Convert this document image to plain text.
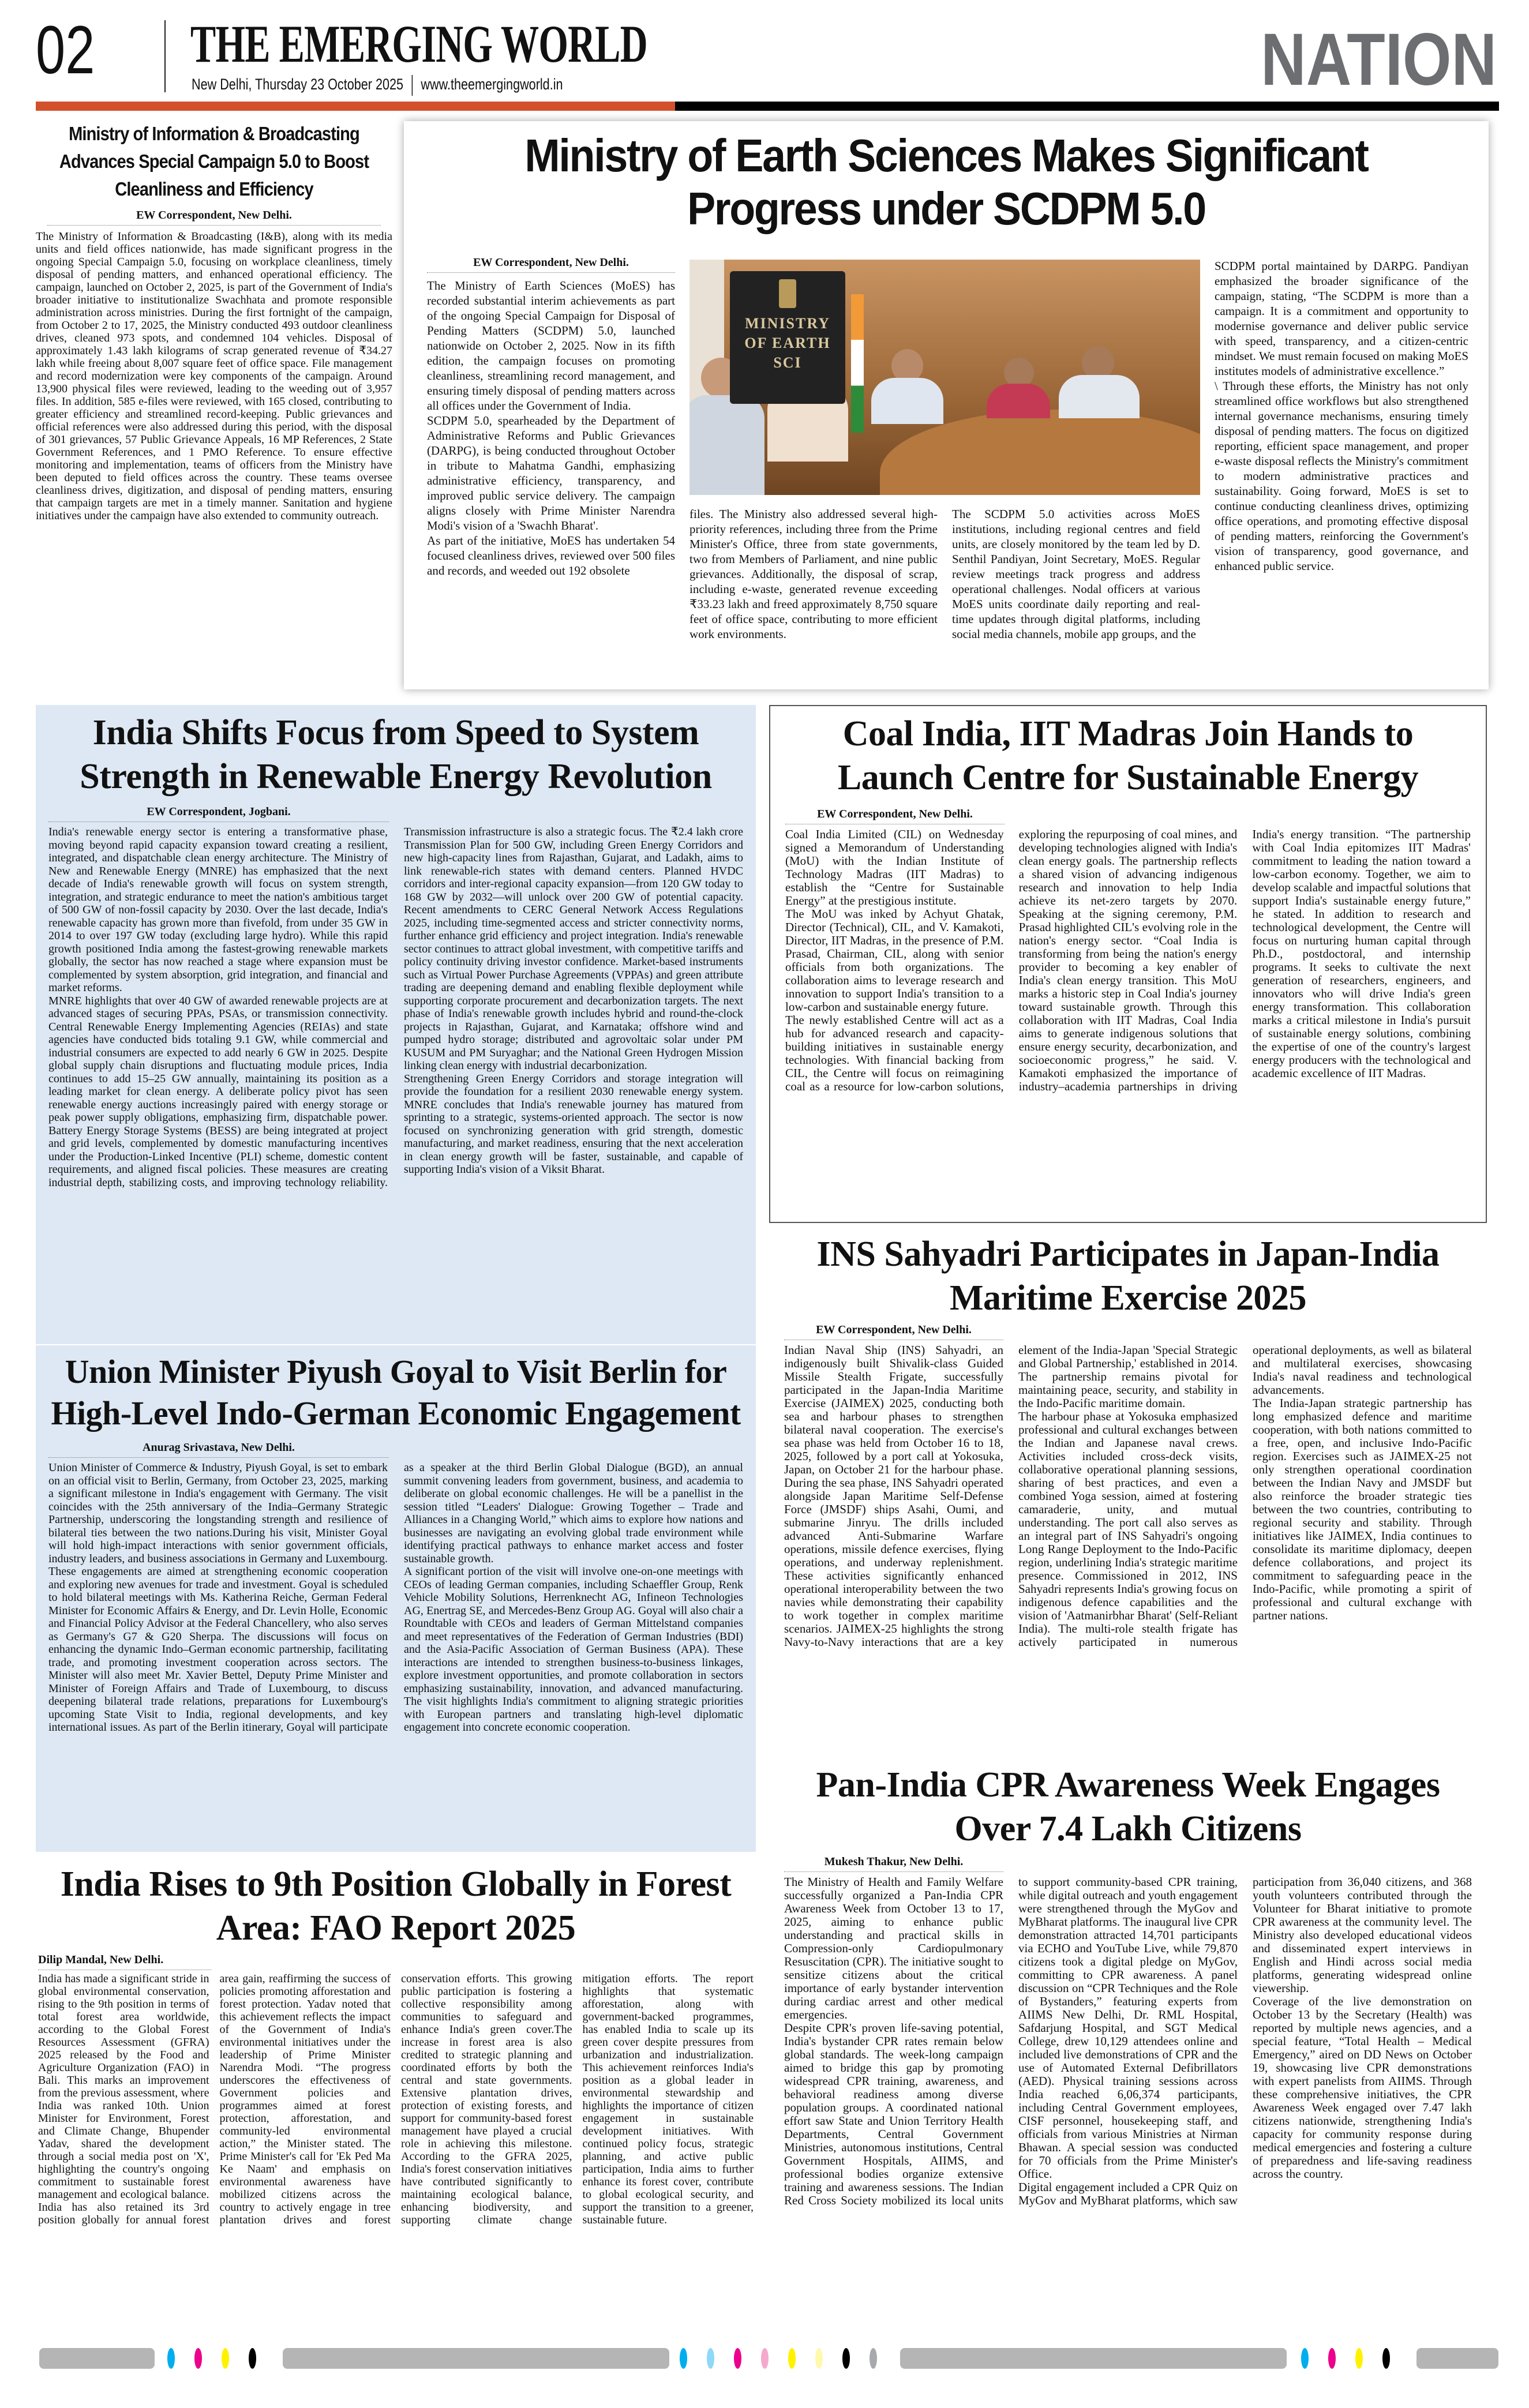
02 THE EMERGING WORLD
New Delhi, Thursday 23 October 2025 www.theemergingworld.in	NATION
Ministry of Information & Broadcasting Advances Special Campaign 5.0 to Boost Cleanliness and Efficiency
EW Correspondent, New Delhi.

The Ministry of Information & Broadcasting (I&B), along with its media units and field offices nationwide, has made significant progress in the ongoing Special Campaign 5.0, focusing on workplace cleanliness, timely disposal of pending matters, and enhanced operational efficiency. The campaign, launched on October 2, 2025, is part of the Government of India's broader initiative to institutionalize Swachhata and promote responsible administration across ministries. During the first fortnight of the campaign, from October 2 to 17, 2025, the Ministry conducted 493 outdoor cleanliness drives, cleaned 973 spots, and condemned 104 vehicles. Disposal of approximately 1.43 lakh kilograms of scrap generated revenue of ₹34.27 lakh while freeing about 8,007 square feet of office space. File management and record modernization were key components of the campaign. Around 13,900 physical files were reviewed, leading to the weeding out of 3,957 files. In addition, 585 e-files were reviewed, with 165 closed, contributing to greater efficiency and streamlined record-keeping. Public grievances and official references were also addressed during this period, with the disposal of 301 grievances, 57 Public Grievance Appeals, 16 MP References, 2 State Government References, and 1 PMO Reference. To ensure effective monitoring and implementation, teams of officers from the Ministry have been deputed to field offices across the country. These teams oversee cleanliness drives, digitization, and disposal of pending matters, ensuring that campaign targets are met in a timely manner. Sanitation and hygiene initiatives under the campaign have also extended to community outreach.

Ministry of Earth Sciences Makes Significant Progress under SCDPM 5.0
EW Correspondent, New Delhi.

The Ministry of Earth Sciences (MoES) has recorded substantial interim achievements as part of the ongoing Special Campaign for Disposal of Pending Matters (SCDPM) 5.0, launched nationwide on October 2, 2025. Now in its fifth edition, the campaign focuses on promoting cleanliness, streamlining record management, and ensuring timely disposal of pending matters across all offices under the Government of India.

SCDPM 5.0, spearheaded by the Department of Administrative Reforms and Public Grievances (DARPG), is being conducted throughout October in tribute to Mahatma Gandhi, emphasizing administrative efficiency, transparency, and improved public service delivery. The campaign aligns closely with Prime Minister Narendra Modi's vision of a 'Swachh Bharat'.

As part of the initiative, MoES has undertaken 54 focused cleanliness drives, reviewed over 500 files and records, and weeded out 192 obsolete

MINISTRY OF EARTH SCI

files. The Ministry also addressed several high-priority references, including three from the Prime Minister's Office, three from state governments, two from Members of Parliament, and nine public grievances. Additionally, the disposal of scrap, including e-waste, generated revenue exceeding ₹33.23 lakh and freed approximately 8,750 square feet of office space, contributing to more efficient work environments.

The SCDPM 5.0 activities across MoES institutions, including regional centres and field units, are closely monitored by the team led by D. Senthil Pandiyan, Joint Secretary, MoES. Regular review meetings track progress and address operational challenges. Nodal officers at various MoES units coordinate daily reporting and real-time updates through digital platforms, including social media channels, mobile app groups, and the

SCDPM portal maintained by DARPG. Pandiyan emphasized the broader significance of the campaign, stating, “The SCDPM is more than a campaign. It is a commitment and opportunity to modernise governance and deliver public service with speed, transparency, and a citizen-centric mindset. We must remain focused on making MoES institutes models of administrative excellence.”

\ Through these efforts, the Ministry has not only streamlined office workflows but also strengthened internal governance mechanisms, ensuring timely disposal of pending matters. The focus on digitized reporting, efficient space management, and proper e-waste disposal reflects the Ministry's commitment to modern administrative practices and sustainability. Going forward, MoES is set to continue conducting cleanliness drives, optimizing office operations, and promoting effective disposal of pending matters, reinforcing the Government's vision of transparency, good governance, and enhanced public service.

India Shifts Focus from Speed to System Strength in Renewable Energy Revolution
EW Correspondent, Jogbani.

India's renewable energy sector is entering a transformative phase, moving beyond rapid capacity expansion toward creating a resilient, integrated, and dispatchable clean energy architecture. The Ministry of New and Renewable Energy (MNRE) has emphasized that the next decade of India's renewable growth will focus on system strength, integration, and strategic endurance to meet the nation's ambitious target of 500 GW of non-fossil capacity by 2030. Over the last decade, India's renewable capacity has grown more than fivefold, from under 35 GW in 2014 to over 197 GW today (excluding large hydro). While this rapid growth positioned India among the fastest-growing renewable markets globally, the sector has now reached a stage where expansion must be complemented by system absorption, grid integration, and financial and market reforms.

MNRE highlights that over 40 GW of awarded renewable projects are at advanced stages of securing PPAs, PSAs, or transmission connectivity. Central Renewable Energy Implementing Agencies (REIAs) and state agencies have conducted bids totaling 9.1 GW, while commercial and industrial consumers are expected to add nearly 6 GW in 2025. Despite global supply chain disruptions and fluctuating module prices, India continues to add 15–25 GW annually, maintaining its position as a leading market for clean energy. A deliberate policy pivot has seen renewable energy auctions increasingly paired with energy storage or peak power supply obligations, emphasizing firm, dispatchable power. Battery Energy Storage Systems (BESS) are being integrated at project and grid levels, complemented by domestic manufacturing incentives under the Production-Linked Incentive (PLI) scheme, domestic content requirements, and aligned fiscal policies. These measures are creating industrial depth, stabilizing costs, and improving technology reliability. Transmission infrastructure is also a strategic focus. The ₹2.4 lakh crore Transmission Plan for 500 GW, including Green Energy Corridors and new high-capacity lines from Rajasthan, Gujarat, and Ladakh, aims to link renewable-rich states with demand centers. Planned HVDC corridors and inter-regional capacity expansion—from 120 GW today to 168 GW by 2032—will unlock over 200 GW of potential capacity. Recent amendments to CERC General Network Access Regulations 2025, including time-segmented access and stricter connectivity norms, further enhance grid efficiency and project integration. India's renewable sector continues to attract global investment, with competitive tariffs and policy continuity driving investor confidence. Market-based instruments such as Virtual Power Purchase Agreements (VPPAs) and green attribute trading are deepening demand and enabling flexible deployment while supporting corporate procurement and decarbonization targets. The next phase of India's renewable growth includes hybrid and round-the-clock projects in Rajasthan, Gujarat, and Karnataka; offshore wind and pumped hydro storage; distributed and agrovoltaic solar under PM KUSUM and PM Suryaghar; and the National Green Hydrogen Mission linking clean energy with industrial decarbonization.

Strengthening Green Energy Corridors and storage integration will provide the foundation for a resilient 2030 renewable energy system. MNRE concludes that India's renewable journey has matured from sprinting to a strategic, systems-oriented approach. The sector is now focused on synchronizing generation with grid strength, domestic manufacturing, and market readiness, ensuring that the next acceleration in clean energy growth will be faster, sustainable, and capable of supporting India's vision of a Viksit Bharat.

Union Minister Piyush Goyal to Visit Berlin for High-Level Indo-German Economic Engagement
Anurag Srivastava, New Delhi.

Union Minister of Commerce & Industry, Piyush Goyal, is set to embark on an official visit to Berlin, Germany, from October 23, 2025, marking a significant milestone in India's engagement with Germany. The visit coincides with the 25th anniversary of the India–Germany Strategic Partnership, underscoring the longstanding strength and resilience of bilateral ties between the two nations.During his visit, Minister Goyal will hold high-impact interactions with senior government officials, industry leaders, and business associations in Germany and Luxembourg. These engagements are aimed at strengthening economic cooperation and exploring new avenues for trade and investment. Goyal is scheduled to hold bilateral meetings with Ms. Katherina Reiche, German Federal Minister for Economic Affairs & Energy, and Dr. Levin Holle, Economic and Financial Policy Advisor at the Federal Chancellery, who also serves as Germany's G7 & G20 Sherpa. The discussions will focus on enhancing the dynamic Indo–German economic partnership, facilitating trade, and promoting investment cooperation across sectors. The Minister will also meet Mr. Xavier Bettel, Deputy Prime Minister and Minister of Foreign Affairs and Trade of Luxembourg, to discuss deepening bilateral trade relations, preparations for Luxembourg's upcoming State Visit to India, regional developments, and key international issues. As part of the Berlin itinerary, Goyal will participate as a speaker at the third Berlin Global Dialogue (BGD), an annual summit convening leaders from government, business, and academia to deliberate on global economic challenges. He will be a panellist in the session titled “Leaders' Dialogue: Growing Together – Trade and Alliances in a Changing World,” which aims to explore how nations and businesses are navigating an evolving global trade environment while identifying practical pathways to enhance market access and foster sustainable growth.

A significant portion of the visit will involve one-on-one meetings with CEOs of leading German companies, including Schaeffler Group, Renk Vehicle Mobility Solutions, Herrenknecht AG, Infineon Technologies AG, Enertrag SE, and Mercedes-Benz Group AG. Goyal will also chair a Roundtable with CEOs and leaders of German Mittelstand companies and meet representatives of the Federation of German Industries (BDI) and the Asia-Pacific Association of German Business (APA). These interactions are intended to strengthen business-to-business linkages, explore investment opportunities, and promote collaboration in sectors emphasizing sustainability, innovation, and advanced manufacturing. The visit highlights India's commitment to aligning strategic priorities with European partners and translating high-level diplomatic engagement into concrete economic cooperation.

India Rises to 9th Position Globally in Forest Area: FAO Report 2025
Dilip Mandal, New Delhi.

India has made a significant stride in global environmental conservation, rising to the 9th position in terms of total forest area worldwide, according to the Global Forest Resources Assessment (GFRA) 2025 released by the Food and Agriculture Organization (FAO) in Bali. This marks an improvement from the previous assessment, where India was ranked 10th. Union Minister for Environment, Forest and Climate Change, Bhupender Yadav, shared the development through a social media post on 'X', highlighting the country's ongoing commitment to sustainable forest management and ecological balance. India has also retained its 3rd position globally for annual forest area gain, reaffirming the success of policies promoting afforestation and forest protection. Yadav noted that this achievement reflects the impact of the Government of India's environmental initiatives under the leadership of Prime Minister Narendra Modi. “The progress underscores the effectiveness of Government policies and programmes aimed at forest protection, afforestation, and community-led environmental action,” the Minister stated. The Prime Minister's call for 'Ek Ped Ma Ke Naam' and emphasis on environmental awareness have mobilized citizens across the country to actively engage in tree plantation drives and forest conservation efforts. This growing public participation is fostering a collective responsibility among communities to safeguard and enhance India's green cover.The increase in forest area is also credited to strategic planning and coordinated efforts by both the central and state governments. Extensive plantation drives, protection of existing forests, and support for community-based forest management have played a crucial role in achieving this milestone. According to the GFRA 2025, India's forest conservation initiatives have contributed significantly to maintaining ecological balance, enhancing biodiversity, and supporting climate change mitigation efforts. The report highlights that systematic afforestation, along with government-backed programmes, has enabled India to scale up its green cover despite pressures from urbanization and industrialization. This achievement reinforces India's position as a global leader in environmental stewardship and highlights the importance of citizen engagement in sustainable development initiatives. With continued policy focus, strategic planning, and active public participation, India aims to further enhance its forest cover, contribute to global ecological security, and support the transition to a greener, sustainable future.

Coal India, IIT Madras Join Hands to Launch Centre for Sustainable Energy
EW Correspondent, New Delhi.

Coal India Limited (CIL) on Wednesday signed a Memorandum of Understanding (MoU) with the Indian Institute of Technology Madras (IIT Madras) to establish the “Centre for Sustainable Energy” at the prestigious institute.

The MoU was inked by Achyut Ghatak, Director (Technical), CIL, and V. Kamakoti, Director, IIT Madras, in the presence of P.M. Prasad, Chairman, CIL, along with senior officials from both organizations. The collaboration aims to leverage research and innovation to support India's transition to a low-carbon and sustainable energy future.

The newly established Centre will act as a hub for advanced research and capacity-building initiatives in sustainable energy technologies. With financial backing from CIL, the Centre will focus on reimagining coal as a resource for low-carbon solutions, exploring the repurposing of coal mines, and developing technologies aligned with India's clean energy goals. The partnership reflects a shared vision of advancing indigenous research and innovation to help India achieve its net-zero targets by 2070. Speaking at the signing ceremony, P.M. Prasad highlighted CIL's evolving role in the nation's energy sector. “Coal India is transforming from being the nation's energy provider to becoming a key enabler of India's clean energy transition. This MoU marks a historic step in Coal India's journey toward sustainable growth. Through this collaboration with IIT Madras, Coal India aims to generate indigenous solutions that ensure energy security, decarbonization, and socioeconomic progress,” he said. V. Kamakoti emphasized the importance of industry–academia partnerships in driving India's energy transition. “The partnership with Coal India epitomizes IIT Madras' commitment to leading the nation toward a low-carbon economy. Together, we aim to develop scalable and impactful solutions that support India's sustainable energy future,” he stated. In addition to research and technological development, the Centre will focus on nurturing human capital through Ph.D., postdoctoral, and internship programs. It seeks to cultivate the next generation of researchers, engineers, and innovators who will drive India's green energy transformation. This collaboration marks a critical milestone in India's pursuit of sustainable energy solutions, combining the expertise of one of the country's largest energy producers with the technological and academic excellence of IIT Madras.

INS Sahyadri Participates in Japan-India Maritime Exercise 2025
EW Correspondent, New Delhi.

Indian Naval Ship (INS) Sahyadri, an indigenously built Shivalik-class Guided Missile Stealth Frigate, successfully participated in the Japan-India Maritime Exercise (JAIMEX) 2025, conducting both sea and harbour phases to strengthen bilateral naval cooperation. The exercise's sea phase was held from October 16 to 18, 2025, followed by a port call at Yokosuka, Japan, on October 21 for the harbour phase. During the sea phase, INS Sahyadri operated alongside Japan Maritime Self-Defense Force (JMSDF) ships Asahi, Oumi, and submarine Jinryu. The drills included advanced Anti-Submarine Warfare operations, missile defence exercises, flying operations, and underway replenishment. These activities significantly enhanced operational interoperability between the two navies while demonstrating their capability to work together in complex maritime scenarios. JAIMEX-25 highlights the strong Navy-to-Navy interactions that are a key element of the India-Japan 'Special Strategic and Global Partnership,' established in 2014. The partnership remains pivotal for maintaining peace, security, and stability in the Indo-Pacific maritime domain.

The harbour phase at Yokosuka emphasized professional and cultural exchanges between the Indian and Japanese naval crews. Activities included cross-deck visits, collaborative operational planning sessions, sharing of best practices, and even a combined Yoga session, aimed at fostering camaraderie, unity, and mutual understanding. The port call also serves as an integral part of INS Sahyadri's ongoing Long Range Deployment to the Indo-Pacific region, underlining India's strategic maritime presence. Commissioned in 2012, INS Sahyadri represents India's growing focus on indigenous defence capabilities and the vision of 'Aatmanirbhar Bharat' (Self-Reliant India). The multi-role stealth frigate has actively participated in numerous operational deployments, as well as bilateral and multilateral exercises, showcasing India's naval readiness and technological advancements.

The India-Japan strategic partnership has long emphasized defence and maritime cooperation, with both nations committed to a free, open, and inclusive Indo-Pacific region. Exercises such as JAIMEX-25 not only strengthen operational coordination between the Indian Navy and JMSDF but also reinforce the broader strategic ties between the two countries, contributing to regional security and stability. Through initiatives like JAIMEX, India continues to consolidate its maritime diplomacy, deepen defence collaborations, and project its commitment to safeguarding peace in the Indo-Pacific, while promoting a spirit of professional and cultural exchange with partner nations.

Pan-India CPR Awareness Week Engages Over 7.4 Lakh Citizens
Mukesh Thakur, New Delhi.

The Ministry of Health and Family Welfare successfully organized a Pan-India CPR Awareness Week from October 13 to 17, 2025, aiming to enhance public understanding and practical skills in Compression-only Cardiopulmonary Resuscitation (CPR). The initiative sought to sensitize citizens about the critical importance of early bystander intervention during cardiac arrest and other medical emergencies.

Despite CPR's proven life-saving potential, India's bystander CPR rates remain below global standards. The week-long campaign aimed to bridge this gap by promoting widespread CPR training, awareness, and behavioral readiness among diverse population groups. A coordinated national effort saw State and Union Territory Health Departments, Central Government Ministries, autonomous institutions, Central Government Hospitals, AIIMS, and professional bodies organize extensive training and awareness sessions. The Indian Red Cross Society mobilized its local units to support community-based CPR training, while digital outreach and youth engagement were strengthened through the MyGov and MyBharat platforms. The inaugural live CPR demonstration attracted 14,701 participants via ECHO and YouTube Live, while 79,870 citizens took a digital pledge on MyGov, committing to CPR awareness. A panel discussion on “CPR Techniques and the Role of Bystanders,” featuring experts from AIIMS New Delhi, Dr. RML Hospital, Safdarjung Hospital, and SGT Medical College, drew 10,129 attendees online and included live demonstrations of CPR and the use of Automated External Defibrillators (AED). Physical training sessions across India reached 6,06,374 participants, including Central Government employees, CISF personnel, housekeeping staff, and officials from various Ministries at Nirman Bhawan. A special session was conducted for 70 officials from the Prime Minister's Office.

Digital engagement included a CPR Quiz on MyGov and MyBharat platforms, which saw participation from 36,040 citizens, and 368 youth volunteers contributed through the Volunteer for Bharat initiative to promote CPR awareness at the community level. The Ministry also developed educational videos and disseminated expert interviews in English and Hindi across social media platforms, generating widespread online viewership.

Coverage of the live demonstration on October 13 by the Secretary (Health) was reported by multiple news agencies, and a special feature, “Total Health – Medical Emergency,” aired on DD News on October 19, showcasing live CPR demonstrations with expert panelists from AIIMS. Through these comprehensive initiatives, the CPR Awareness Week engaged over 7.47 lakh citizens nationwide, strengthening India's capacity for community response during medical emergencies and fostering a culture of preparedness and life-saving readiness across the country.
